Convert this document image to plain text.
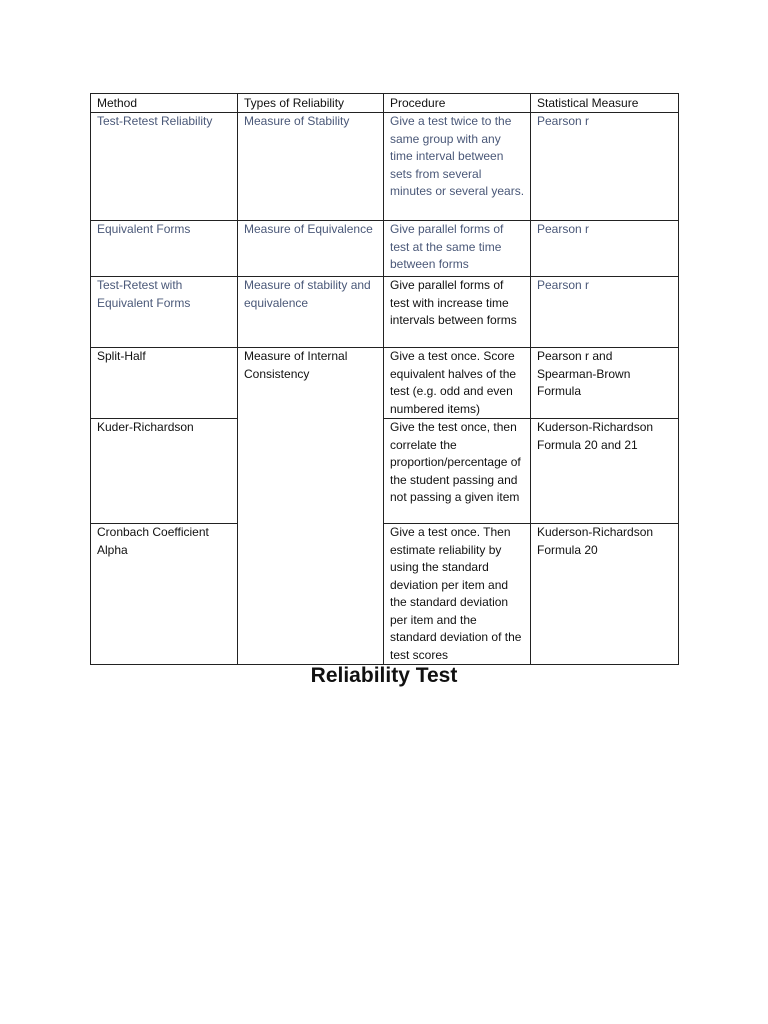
Method	Types of Reliability	Procedure	Statistical Measure
Test-Retest Reliability	Measure of Stability	Give a test twice to the same group with any time interval between sets from several minutes or several years.	Pearson r
Equivalent Forms	Measure of Equivalence	Give parallel forms of test at the same time between forms	Pearson r
Test-Retest with Equivalent Forms	Measure of stability and equivalence	Give parallel forms of test with increase time intervals between forms	Pearson r
Split-Half	Measure of Internal Consistency	Give a test once. Score equivalent halves of the test (e.g. odd and even numbered items)	Pearson r and Spearman-Brown Formula
Kuder-Richardson		Give the test once, then correlate the proportion/percentage of the student passing and not passing a given item	Kuderson-Richardson Formula 20 and 21
Cronbach Coefficient Alpha		Give a test once. Then estimate reliability by using the standard deviation per item and the standard deviation per item and the standard deviation of the test scores	Kuderson-Richardson Formula 20
Reliability Test
